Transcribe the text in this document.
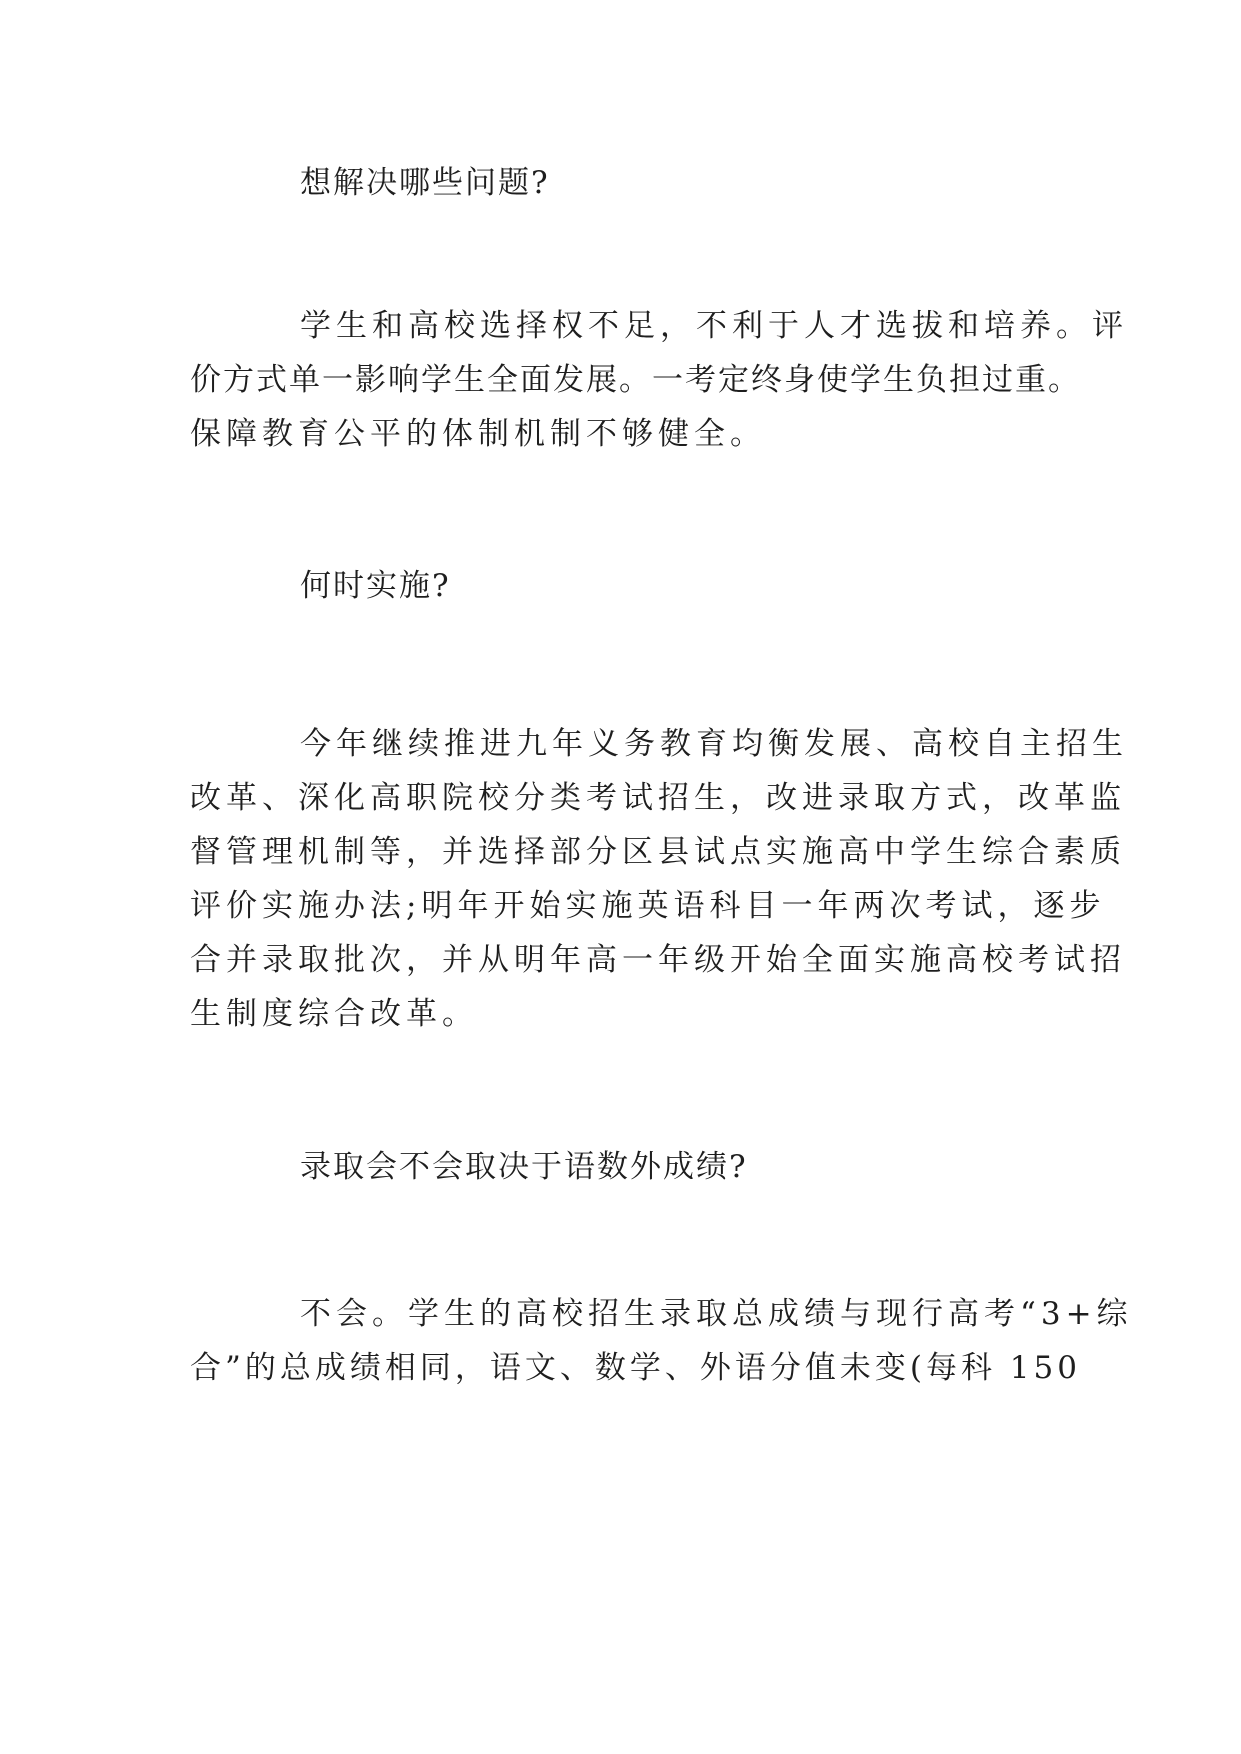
想解决哪些问题?
学生和高校选择权不足，不利于人才选拔和培养。评
价方式单一影响学生全面发展。一考定终身使学生负担过重。
保障教育公平的体制机制不够健全。
何时实施?
今年继续推进九年义务教育均衡发展、高校自主招生
改革、深化高职院校分类考试招生，改进录取方式，改革监
督管理机制等，并选择部分区县试点实施高中学生综合素质
评价实施办法;明年开始实施英语科目一年两次考试，逐步
合并录取批次，并从明年高一年级开始全面实施高校考试招
生制度综合改革。
录取会不会取决于语数外成绩?
不会。学生的高校招生录取总成绩与现行高考“3+综
合”的总成绩相同，语文、数学、外语分值未变(每科 150
